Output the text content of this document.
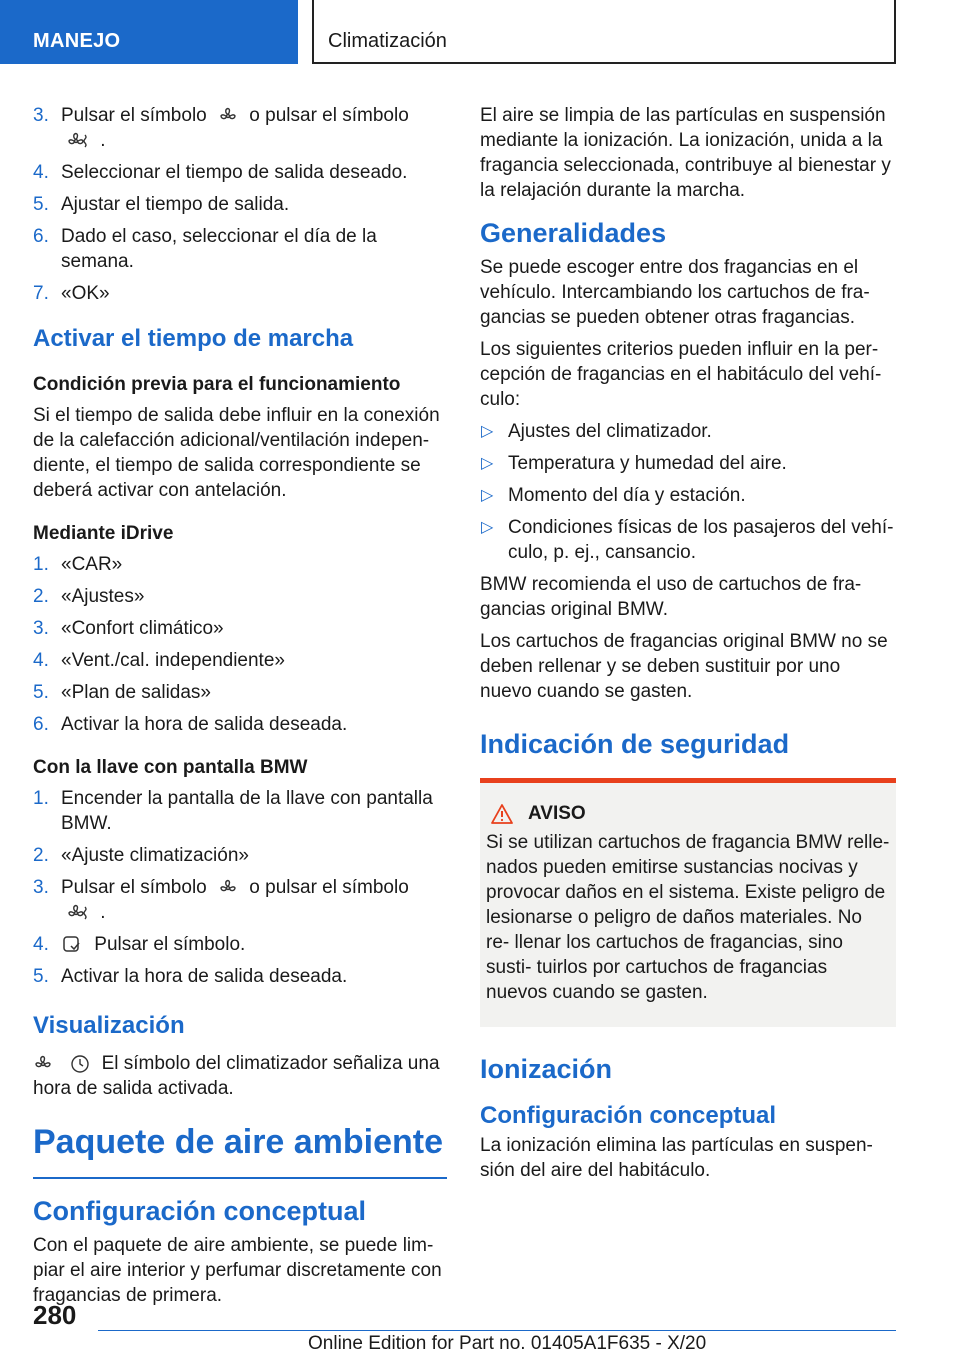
MANEJO	Climatización
3. Pulsar el símbolo o pulsar el símbolo  .
4. Seleccionar el tiempo de salida deseado.
5. Ajustar el tiempo de salida.
6. Dado el caso, seleccionar el día de la semana.
7. «OK»
Activar el tiempo de marcha
Condición previa para el funcionamiento
Si el tiempo de salida debe influir en la conexión de la calefacción adicional/ventilación indepen‐ diente, el tiempo de salida correspondiente se deberá activar con antelación.
Mediante iDrive
1. «CAR»
2. «Ajustes»
3. «Confort climático»
4. «Vent./cal. independiente»
5. «Plan de salidas»
6. Activar la hora de salida deseada.
Con la llave con pantalla BMW
1. Encender la pantalla de la llave con pantalla BMW.
2. «Ajuste climatización»
3. Pulsar el símbolo o pulsar el símbolo  .
4. Pulsar el símbolo.
5. Activar la hora de salida deseada.
Visualización
El símbolo del climatizador señaliza una hora de salida activada.
Paquete de aire ambiente
Configuración conceptual
Con el paquete de aire ambiente, se puede lim‐ piar el aire interior y perfumar discretamente con fragancias de primera.
El aire se limpia de las partículas en suspensión mediante la ionización. La ionización, unida a la fragancia seleccionada, contribuye al bienestar y la relajación durante la marcha.
Generalidades
Se puede escoger entre dos fragancias en el vehículo. Intercambiando los cartuchos de fra‐ gancias se pueden obtener otras fragancias.
Los siguientes criterios pueden influir en la per‐ cepción de fragancias en el habitáculo del vehí‐ culo:
▷ Ajustes del climatizador.
▷ Temperatura y humedad del aire.
▷ Momento del día y estación.
▷ Condiciones físicas de los pasajeros del vehí‐ culo, p. ej., cansancio.
BMW recomienda el uso de cartuchos de fra‐ gancias original BMW.
Los cartuchos de fragancias original BMW no se deben rellenar y se deben sustituir por uno nuevo cuando se gasten.
Indicación de seguridad
AVISO
Si se utilizan cartuchos de fragancia BMW relle‐ nados pueden emitirse sustancias nocivas y provocar daños en el sistema. Existe peligro de lesionarse o peligro de daños materiales. No re‐ llenar los cartuchos de fragancias, sino susti‐ tuirlos por cartuchos de fragancias nuevos cuando se gasten.
Ionización
Configuración conceptual
La ionización elimina las partículas en suspen‐ sión del aire del habitáculo.
280
Online Edition for Part no. 01405A1F635 - X/20
